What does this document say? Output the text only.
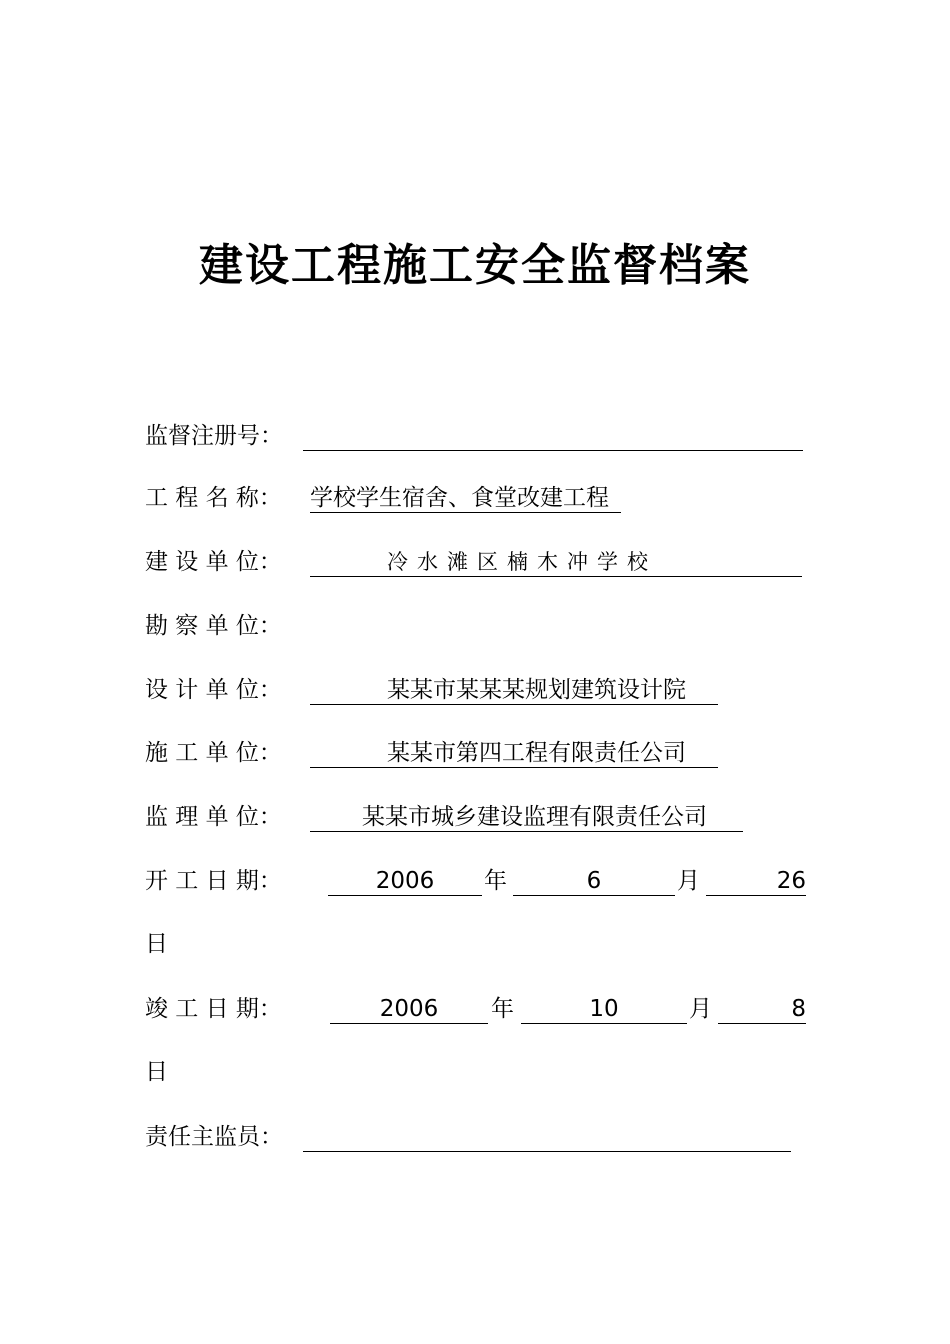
建设工程施工安全监督档案
监督注册号：
工 程 名 称： 学校学生宿舍、食堂改建工程
建 设 单 位：	冷水滩区楠木冲学校
勘 察 单 位：
设 计 单 位：	某某市某某某规划建筑设计院
施 工 单 位：	某某市第四工程有限责任公司
监 理 单 位：	某某市城乡建设监理有限责任公司
开 工 日 期：	2006	年	6	月	26
日
竣 工 日 期：	2006	年	10	月	8
日
责任主监员：
